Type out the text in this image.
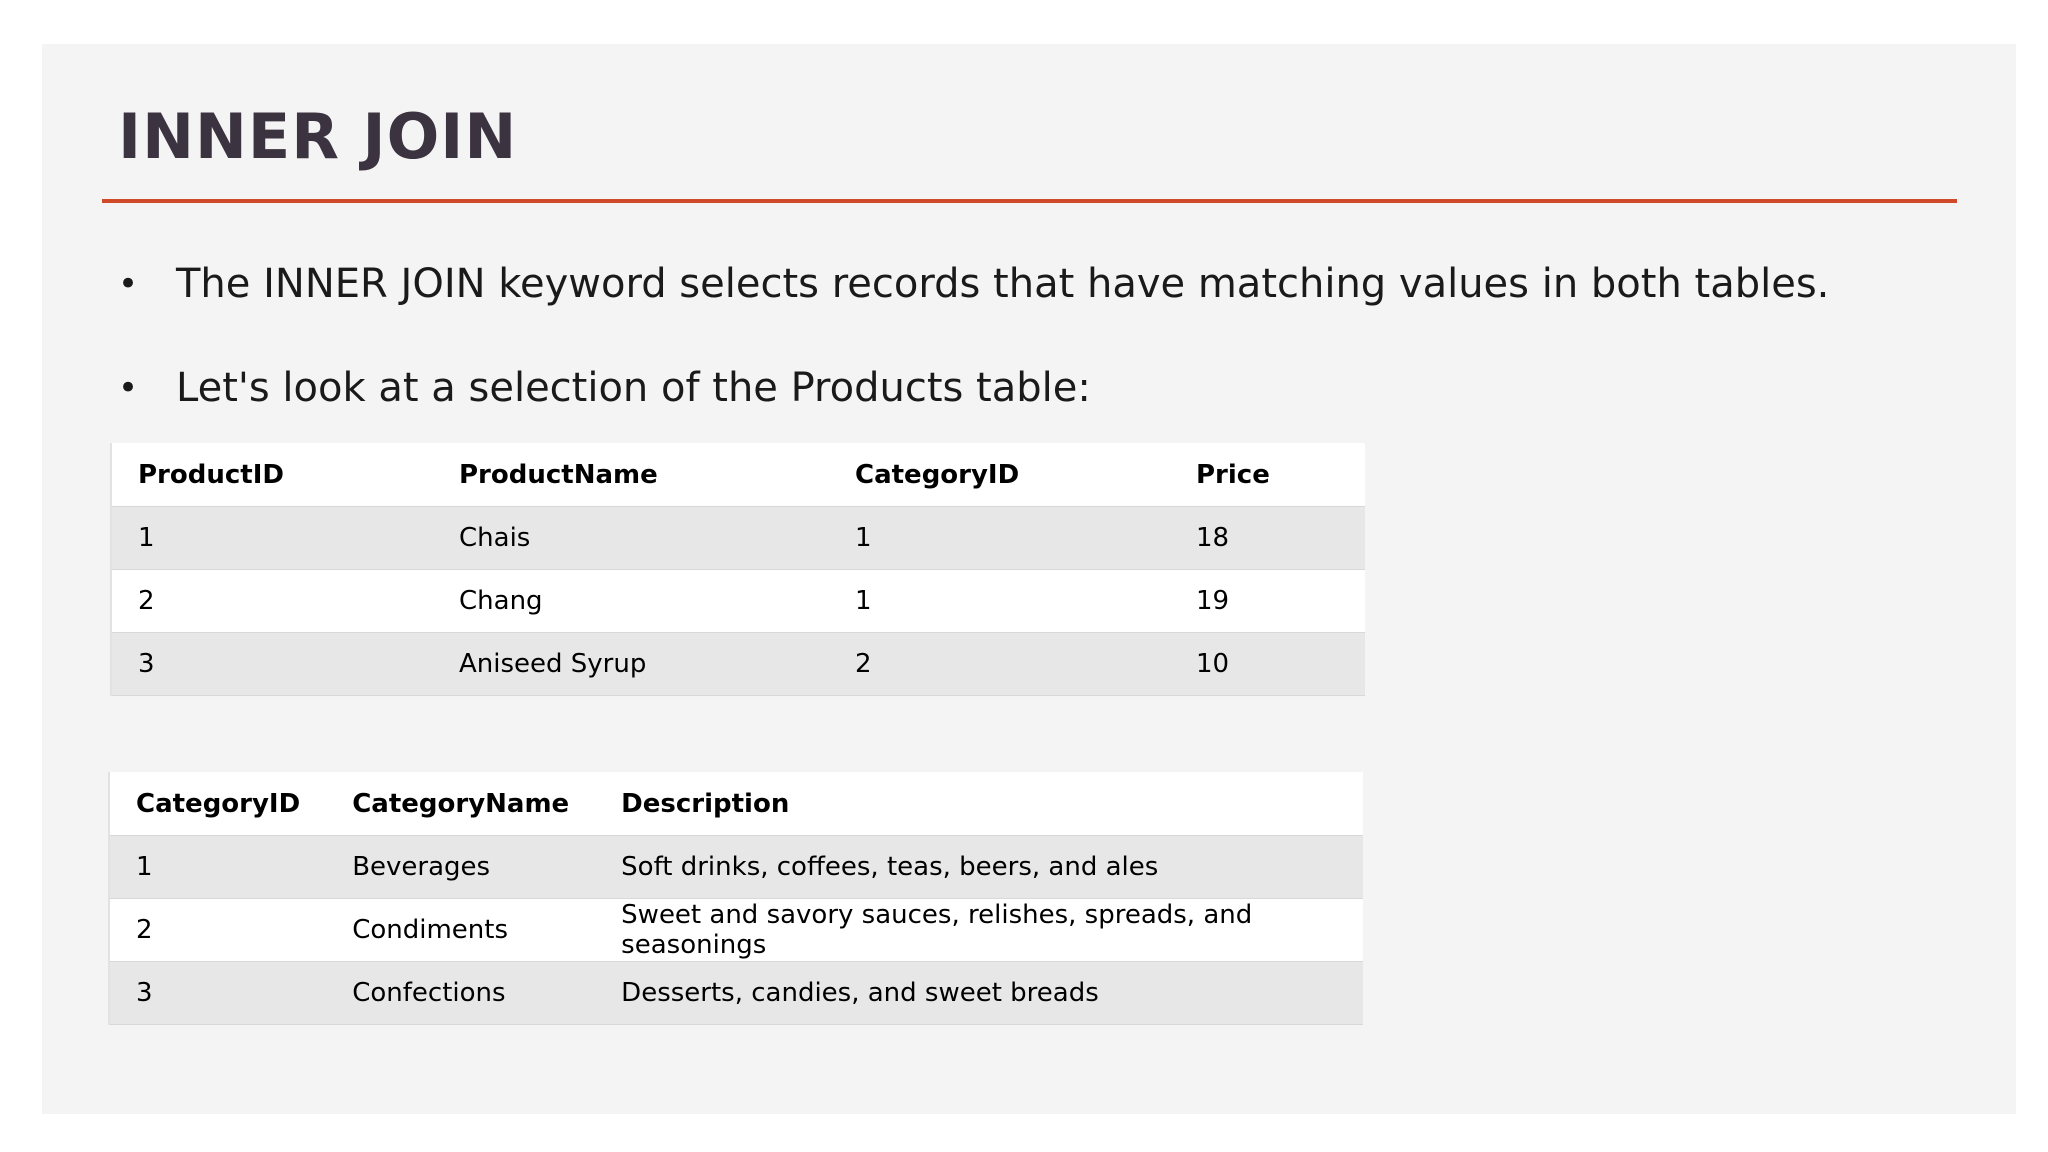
INNER JOIN
• The INNER JOIN keyword selects records that have matching values in both tables.
• Let's look at a selection of the Products table:
ProductID	ProductName	CategoryID	Price
1	Chais	1	18
2	Chang	1	19
3	Aniseed Syrup	2	10
CategoryID	CategoryName	Description
1	Beverages	Soft drinks, coffees, teas, beers, and ales
2	Condiments	Sweet and savory sauces, relishes, spreads, and seasonings
3	Confections	Desserts, candies, and sweet breads
